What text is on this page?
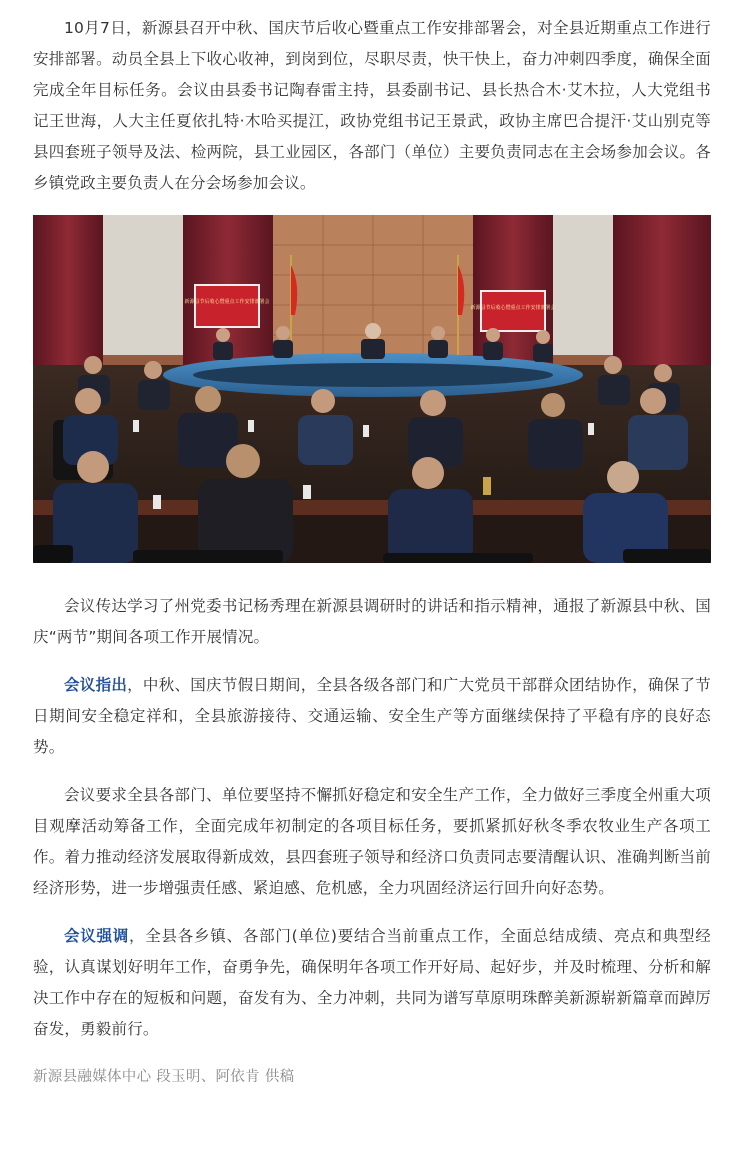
10月7日，新源县召开中秋、国庆节后收心暨重点工作安排部署会，对全县近期重点工作进行安排部署。动员全县上下收心收神，到岗到位，尽职尽责，快干快上，奋力冲刺四季度，确保全面完成全年目标任务。会议由县委书记陶春雷主持，县委副书记、县长热合木·艾木拉，人大党组书记王世海，人大主任夏依扎特·木哈买提江，政协党组书记王景武，政协主席巴合提汗·艾山别克等县四套班子领导及法、检两院，县工业园区，各部门（单位）主要负责同志在主会场参加会议。各乡镇党政主要负责人在分会场参加会议。

新源县节后收心暨重点工作安排部署会
新源县节后收心暨重点工作安排部署会

会议传达学习了州党委书记杨秀理在新源县调研时的讲话和指示精神，通报了新源县中秋、国庆“两节”期间各项工作开展情况。

会议指出，中秋、国庆节假日期间，全县各级各部门和广大党员干部群众团结协作，确保了节日期间安全稳定祥和，全县旅游接待、交通运输、安全生产等方面继续保持了平稳有序的良好态势。

会议要求全县各部门、单位要坚持不懈抓好稳定和安全生产工作，全力做好三季度全州重大项目观摩活动筹备工作，全面完成年初制定的各项目标任务，要抓紧抓好秋冬季农牧业生产各项工作。着力推动经济发展取得新成效，县四套班子领导和经济口负责同志要清醒认识、准确判断当前经济形势，进一步增强责任感、紧迫感、危机感，全力巩固经济运行回升向好态势。

会议强调，全县各乡镇、各部门(单位)要结合当前重点工作，全面总结成绩、亮点和典型经验，认真谋划好明年工作，奋勇争先，确保明年各项工作开好局、起好步，并及时梳理、分析和解决工作中存在的短板和问题，奋发有为、全力冲刺，共同为谱写草原明珠醉美新源崭新篇章而踔厉奋发，勇毅前行。

新源县融媒体中心 段玉明、阿依肯 供稿
